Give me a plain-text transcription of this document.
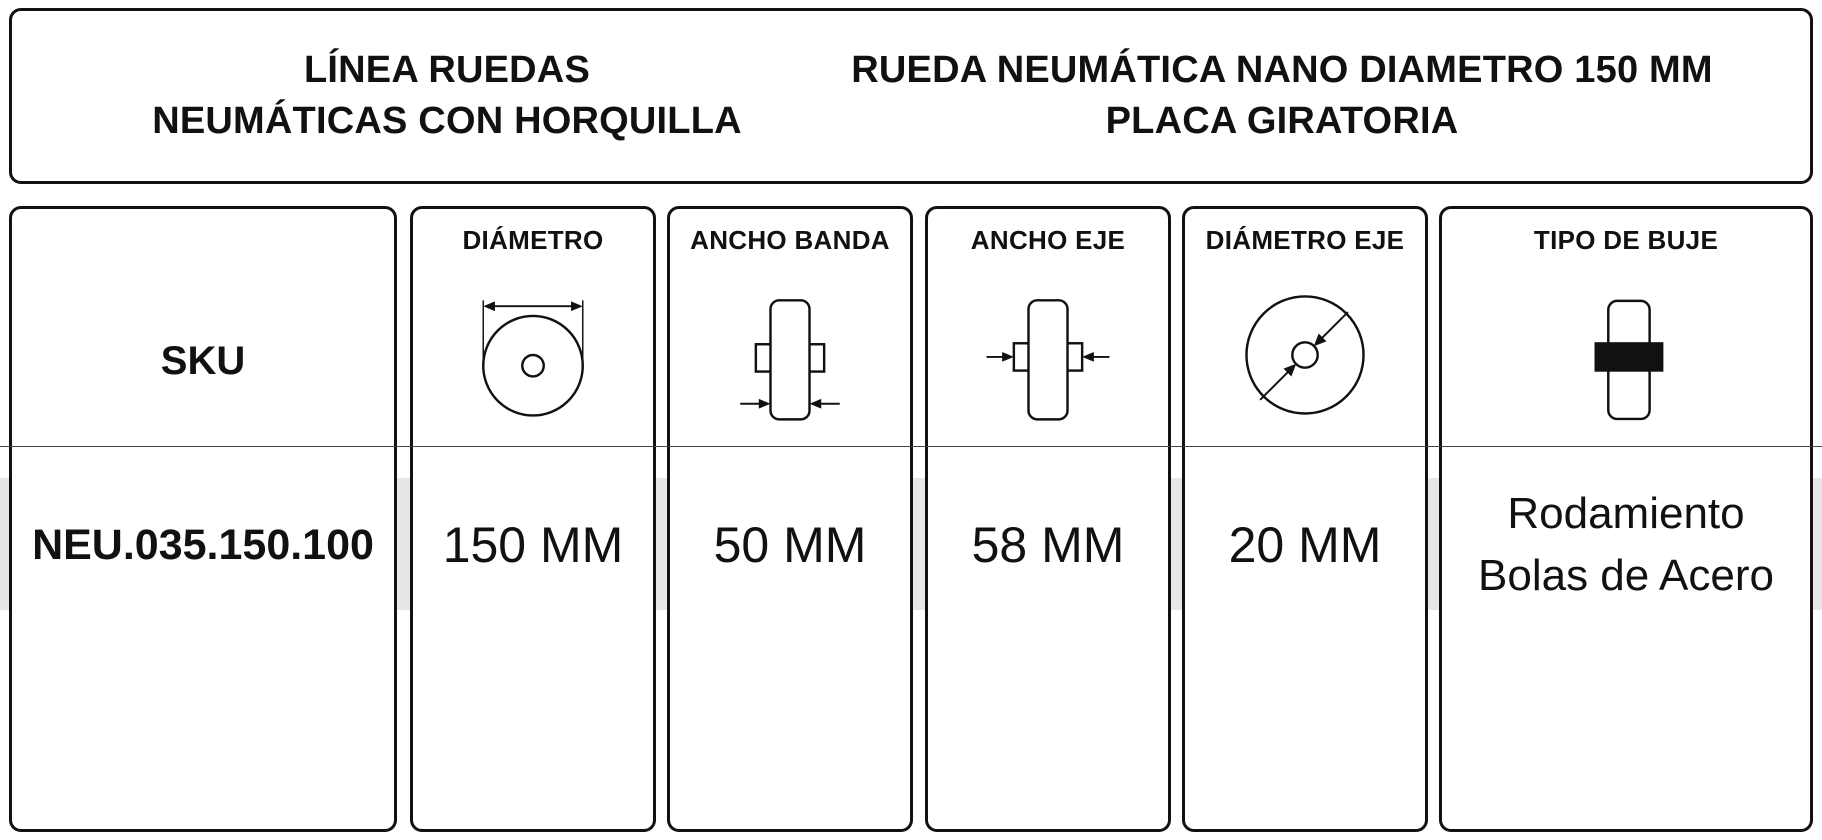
LÍNEA RUEDAS
NEUMÁTICAS CON HORQUILLA
RUEDA NEUMÁTICA NANO DIAMETRO 150 MM
PLACA GIRATORIA
SKU
NEU.035.150.100
DIÁMETRO
150 MM
ANCHO BANDA
50 MM
ANCHO EJE
58 MM
DIÁMETRO EJE
20 MM
TIPO DE BUJE
Rodamiento
Bolas de Acero
